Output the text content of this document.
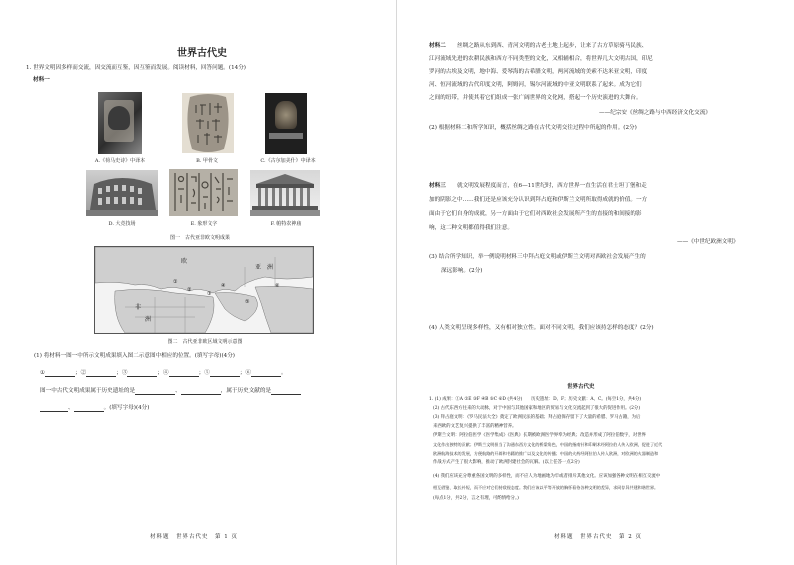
世界古代史
1. 世界文明因多样而交流，因交流而互鉴，因互鉴而发展。阅读材料，回答问题。(14分)
材料一
A.《荷马史诗》中译本	B. 甲骨文	C.《古尔加美什》中译本
D. 大竞技场	E. 象形文字	F. 帕特农神庙
图一　古代亚非欧文明成果
欧
亚 洲
非
洲
①
②
③
④
⑤
⑥
图二　古代亚非欧区域文明示意图
(1) 将材料一图一中所示文明成果填入图二示意图中相应的位置。(填写字母)(4分)
①	；②	；③	；④	；⑤	；⑥	。
图一中古代文明成果属于历史遗址的是	、	，属于历史文献的是
、	。(填写字母)(4分)
材料题　世界古代史　第 1 页
材料二 丝绸之路从东到西、青河文明的古老土地上起步，让来了古方草原骑马民族、
江河流域先进的农耕民族和西方不同类型的文化，又相辅相合，将世界几大文明古国，印尼
罗河的古埃及文明，地中海、爱琴海的古希腊文明，两河流域的美索不达米亚文明，印度
河、恒河流域的古代印度文明，阿姆河，锡尔河流域的中亚文明联系了起来。成为它们
之间的纽带，并使其着它们组成一张广阔世界的文化网，搭起一个历史演进的大舞台。
——纪宗安《丝绸之路与中西经济文化交流》
(2) 根据材料二和所学知识，概括丝绸之路在古代文明交往过程中所起的作用。(2分)
材料三 就文明发展程度而言，在6—11世纪时，西方世界一直生活在君士坦丁堡和走
加的阴影之中……我们还是应该充分认识到拜占庭和伊斯兰文明所取得成就的价值。一方
面由于它们自身的成就，另一方面由于它们对西欧社会发展所产生的直接的和间接的影
响，这二种文明都值得我们注意。
——《中世纪欧洲文明》
(3) 结合所学知识，举一例说明材料三中拜占庭文明或伊斯兰文明对西欧社会发展产生的
深远影响。(2分)
(4) 人类文明呈现多样性，又有相对独立性。面对不同文明，我们应该持怎样的态度？(2分)
世界古代史
1. (1) 成果：①A ②E ③F ④B ⑤C ⑥D (共4分)　　历史遗址：D、F；历史文献：A、C。(每空1分，共4分)
(2) 古代东西方往来的大动脉，对于中国与其他国家和地区的贸易与文化交流起到了很大的促进作用。(2分)
(3) 拜占庭文明：《罗马民法大全》奠定了欧洲民法的基础；拜占庭保存留下了大量的希腊、罗马古籍，为后
来西欧的文艺复兴提供了丰富的精神营养。
伊斯兰文明：阿拉伯医学《医学集成》《医典》长期被欧洲医学界奉为经典；改造并形成了阿拉伯数字，对世界
文化作出独特的贡献；伊斯兰文明担当了沟通东西方文化的桥梁角色，中国的指南针和印刷术经阿拉伯人传入欧洲，促进了近代
欧洲航海技术的发展，方便航路的开辟和书籍的推广以及文化的传播；中国的火药经阿拉伯人传入欧洲，对欧洲的火器制造和
作战方式产生了很大影响，推动了欧洲封建社会的瓦解。(以上任答一点2分)
(4) 我们应该充分尊重各国文明的多样性，而不应人为地画地为牢或者排斥其他文化。应该加强各种文明在相互交流中
相互借鉴、取长补短，而不应对它们持敌视态度。我们应该以平等开放的胸怀看待各种文明的差异，求同存异共建和谐世界。
(每点1分，共2分，言之有理，可酌情给分。)
材料题　世界古代史　第 2 页
